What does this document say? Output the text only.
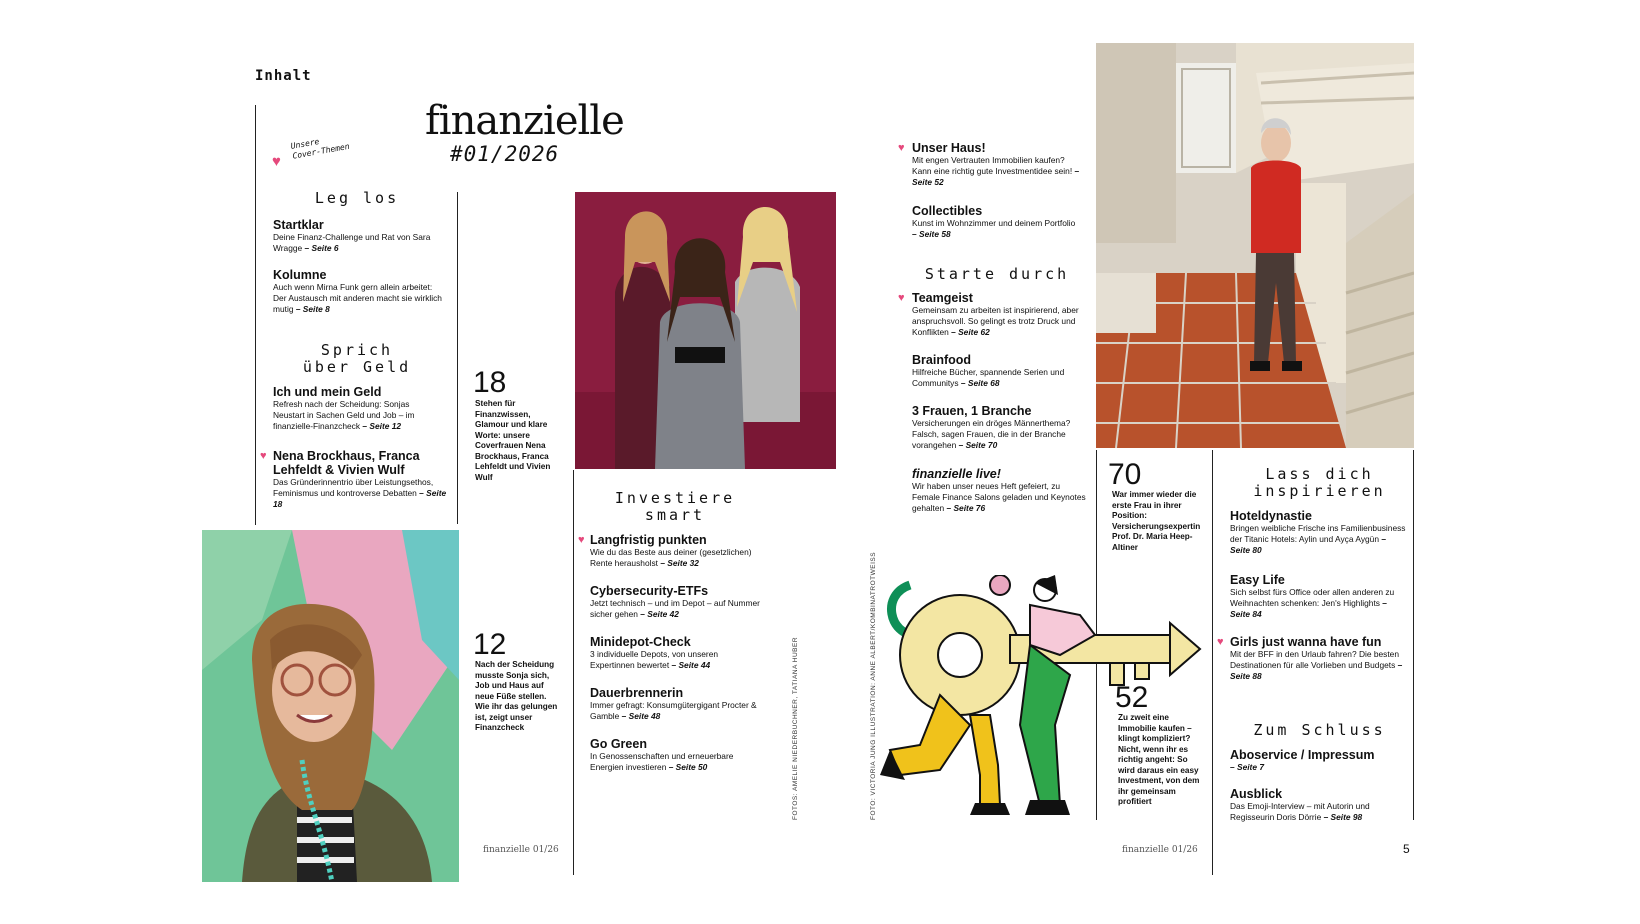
Inhalt
finanzielle
#01/2026
♥
Unsere
Cover-Themen
Leg los
Startklar
Deine Finanz-Challenge und Rat von Sara Wragge – Seite 6
Kolumne
Auch wenn Mirna Funk gern allein arbeitet: Der Austausch mit anderen macht sie wirklich mutig – Seite 8
Sprich
über Geld
Ich und mein Geld
Refresh nach der Scheidung: Sonjas Neustart in Sachen Geld und Job – im finanzielle-Finanzcheck – Seite 12
♥ Nena Brockhaus, Franca Lehfeldt & Vivien Wulf
Das Gründerinnentrio über Leistungsethos, Feminismus und kontroverse Debatten – Seite 18
18
Stehen für Finanzwissen, Glamour und klare Worte: unsere Coverfrauen Nena Brockhaus, Franca Lehfeldt und Vivien Wulf
12
Nach der Scheidung musste Sonja sich, Job und Haus auf neue Füße stellen. Wie ihr das gelungen ist, zeigt unser Finanzcheck
Investiere
smart
♥ Langfristig punkten
Wie du das Beste aus deiner (gesetzlichen) Rente herausholst – Seite 32
Cybersecurity-ETFs
Jetzt technisch – und im Depot – auf Nummer sicher gehen – Seite 42
Minidepot-Check
3 individuelle Depots, von unseren Expertinnen bewertet – Seite 44
Dauerbrennerin
Immer gefragt: Konsumgütergigant Procter & Gamble – Seite 48
Go Green
In Genossenschaften und erneuerbare Energien investieren – Seite 50	FOTOS: AMELIE NIEDERBUCHNER, TATIANA HUBER	FOTO: VICTORIA JUNG ILLUSTRATION: ANNE ALBERT/KOMBINATROTWEISS
finanzielle 01/26
♥ Unser Haus!
Mit engen Vertrauten Immobilien kaufen? Kann eine richtig gute Investmentidee sein! – Seite 52
Collectibles
Kunst im Wohnzimmer und deinem Portfolio – Seite 58
Starte durch
♥ Teamgeist
Gemeinsam zu arbeiten ist inspirierend, aber anspruchsvoll. So gelingt es trotz Druck und Konflikten – Seite 62
Brainfood
Hilfreiche Bücher, spannende Serien und Communitys – Seite 68
3 Frauen, 1 Branche
Versicherungen ein dröges Männerthema? Falsch, sagen Frauen, die in der Branche vorangehen – Seite 70
finanzielle live!
Wir haben unser neues Heft gefeiert, zu Female Finance Salons geladen und Keynotes gehalten – Seite 76
70
War immer wieder die erste Frau in ihrer Position: Versicherungsexpertin Prof. Dr. Maria Heep-Altiner
52
Zu zweit eine Immobilie kaufen – klingt kompliziert? Nicht, wenn ihr es richtig angeht: So wird daraus ein easy Investment, von dem ihr gemeinsam profitiert
Lass dich
inspirieren
Hoteldynastie
Bringen weibliche Frische ins Familienbusiness der Titanic Hotels: Aylin und Ayça Aygün – Seite 80
Easy Life
Sich selbst fürs Office oder allen anderen zu Weihnachten schenken: Jen's Highlights – Seite 84
♥ Girls just wanna have fun
Mit der BFF in den Urlaub fahren? Die besten Destinationen für alle Vorlieben und Budgets – Seite 88
Zum Schluss
Aboservice / Impressum
– Seite 7
Ausblick
Das Emoji-Interview – mit Autorin und Regisseurin Doris Dörrie – Seite 98
finanzielle 01/26	5
